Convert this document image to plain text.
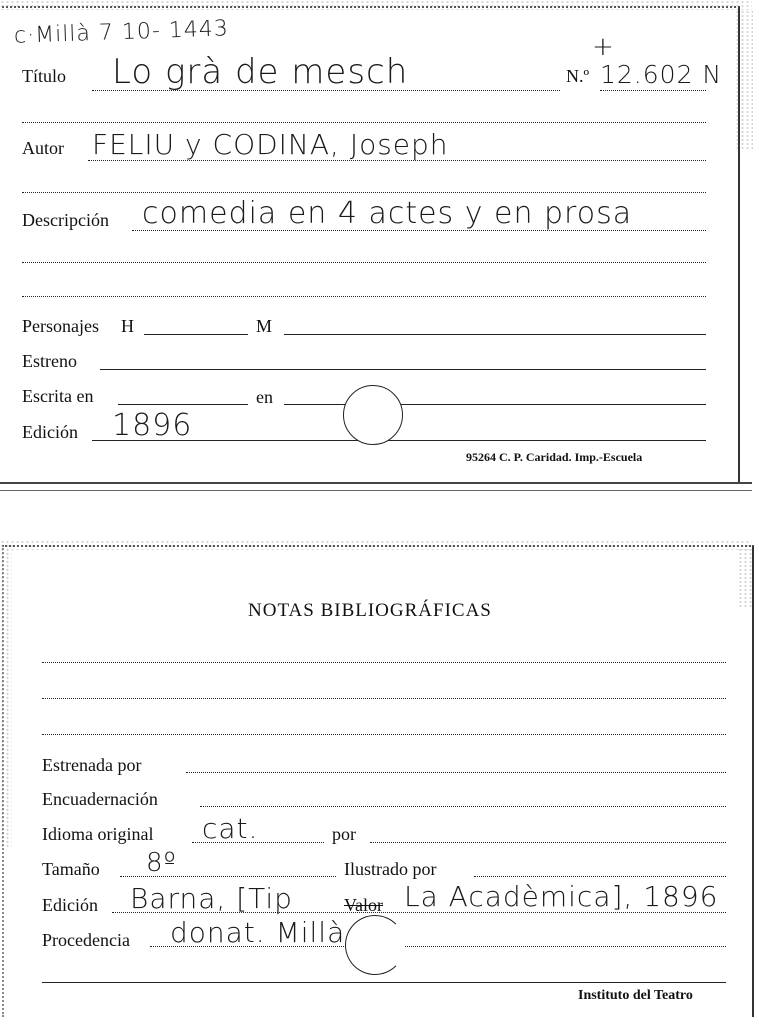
c·Millà 7 10- 1443	+
Título Lo grà de mesch	N.º 12.602 N
Autor FELIU y CODINA, Joseph
Descripción comedia en 4 actes y en prosa
Personajes H	M
Estreno
Escrita en	en
Edición 1896
95264 C. P. Caridad. Imp.-Escuela
NOTAS BIBLIOGRÁFICAS
Estrenada por
Encuadernación
Idioma original cat.	por
Tamaño 8º	Ilustrado por
Edición Barna, [Tip	Valor La Acadèmica], 1896
Procedencia donat. Millà
Instituto del Teatro
